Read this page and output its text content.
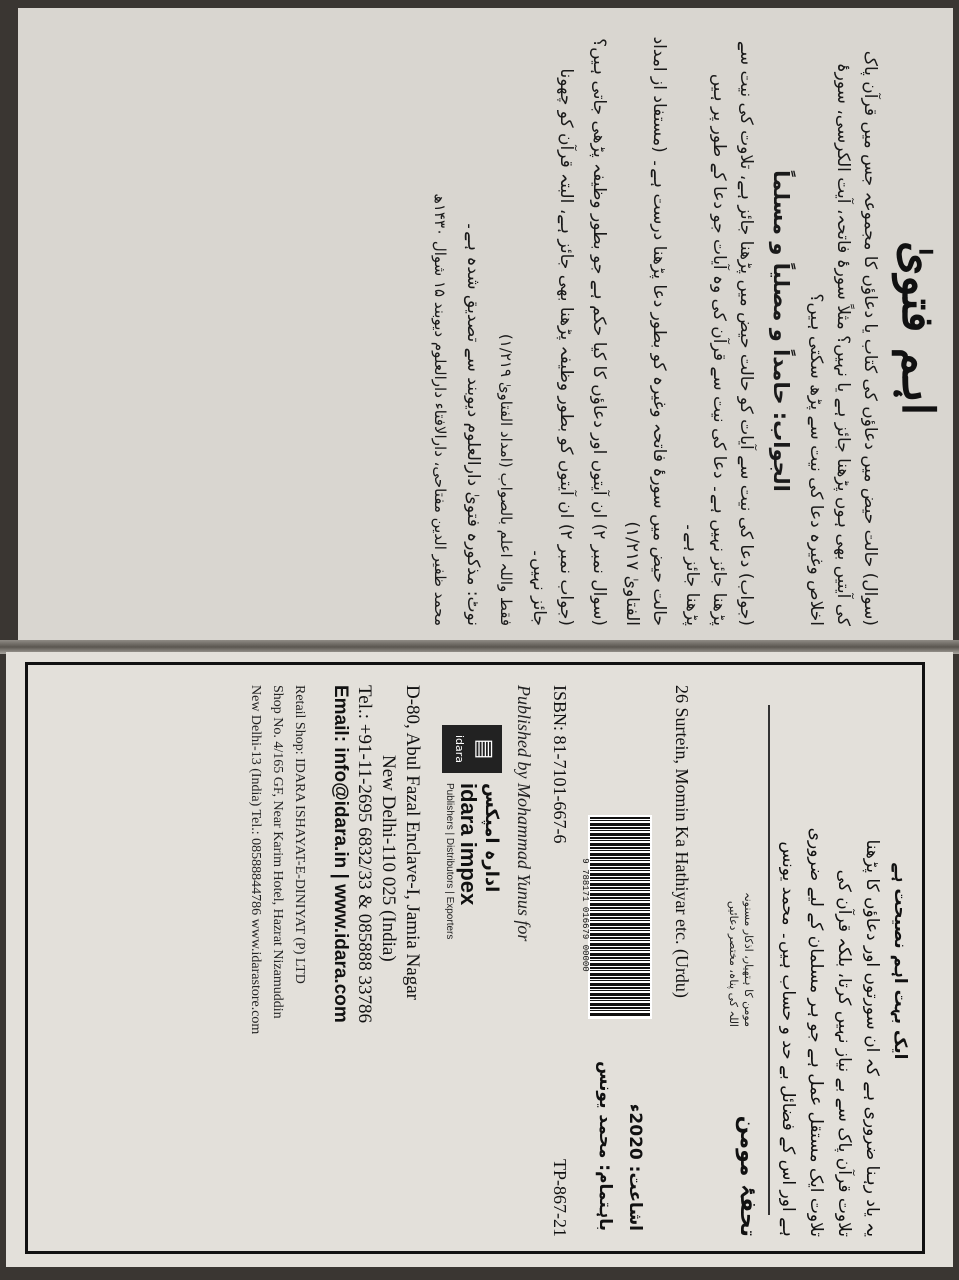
اہم فتویٰ

(سوال) حالت حیض میں دعاؤں کی کتاب یا دعاؤں کا مجموعہ جس میں قرآن پاک کی آیتیں بھی ہوں پڑھنا جائز ہے یا نہیں؟ مثلاً سورۂ فاتحہ، آیت الکرسی، سورۂ اخلاص وغیرہ دعا کی نیت سے پڑھ سکتی ہیں؟

الجواب: حامداً و مصلیاً و مسلماً

(جواب) دعا کی نیت سے آیات کو حالت حیض میں پڑھنا جائز ہے، تلاوت کی نیت سے پڑھنا جائز نہیں ہے۔ دعا کی نیت سے قرآن کی وہ آیات جو دعا کے طور پر ہیں پڑھنا جائز ہے۔

حالت حیض میں سورۂ فاتحہ وغیرہ کو بطور دعا پڑھنا درست ہے۔ (مستفاد از امداد الفتاویٰ ۱/۲۱۷)

(سوال نمبر ۲) ان آیتوں اور دعاؤں کا کیا حکم ہے جو بطور وظیفہ پڑھی جاتی ہیں؟

(جواب نمبر ۲) ان آیتوں کو بطور وظیفہ پڑھنا بھی جائز ہے، البتہ قرآن کو چھونا جائز نہیں۔

فقط واللہ اعلم بالصواب (امداد الفتاویٰ ۱/۲۱۹)

نوٹ: مذکورہ فتویٰ دارالعلوم دیوبند سے تصدیق شدہ ہے۔

محمد ظفیر الدین مفتاحی، دارالافتاء دارالعلوم دیوبند ۱۵ شوال ۱۴۳۰ھ

ایک بہت اہم نصیحت ہے

یہ یاد رہنا ضروری ہے کہ ان سورتوں اور دعاؤں کا پڑھنا

تلاوت قرآن پاک سے بے نیاز نہیں کرتا، بلکہ قرآن کی

تلاوت ایک مستقل عمل ہے جو ہر مسلمان کے لیے ضروری

ہے اور اس کے فضائل بے حد و حساب ہیں۔ محمد یونس

تحفۂ مومن
مومن کا ہتھیار، اذکار مسنونہ
اللہ کی پناہ، مختصر دعائیں
26 Surtein, Momin Ka Hathiyar etc. (Urdu)
9 788171 016679 00000
اشاعت: 2020ء
باہتمام: محمد یونس
ISBN: 81-7101-667-6
TP-867-21
Published by Mohammad Yunus for
▤
idara
ادارہ امپکس
idara impex
Publishers | Distributors | Exporters
D-80, Abul Fazal Enclave-I, Jamia Nagar
New Delhi-110 025 (India)
Tel.: +91-11-2695 6832/33 & 085888 33786
Email: info@idara.in | www.idara.com
Retail Shop: IDARA ISHAYAT-E-DINIYAT (P) LTD
Shop No. 4/165 GF, Near Karim Hotel, Hazrat Nizamuddin
New Delhi-13 (India) Tel.: 08588844786 www.idarastore.com
